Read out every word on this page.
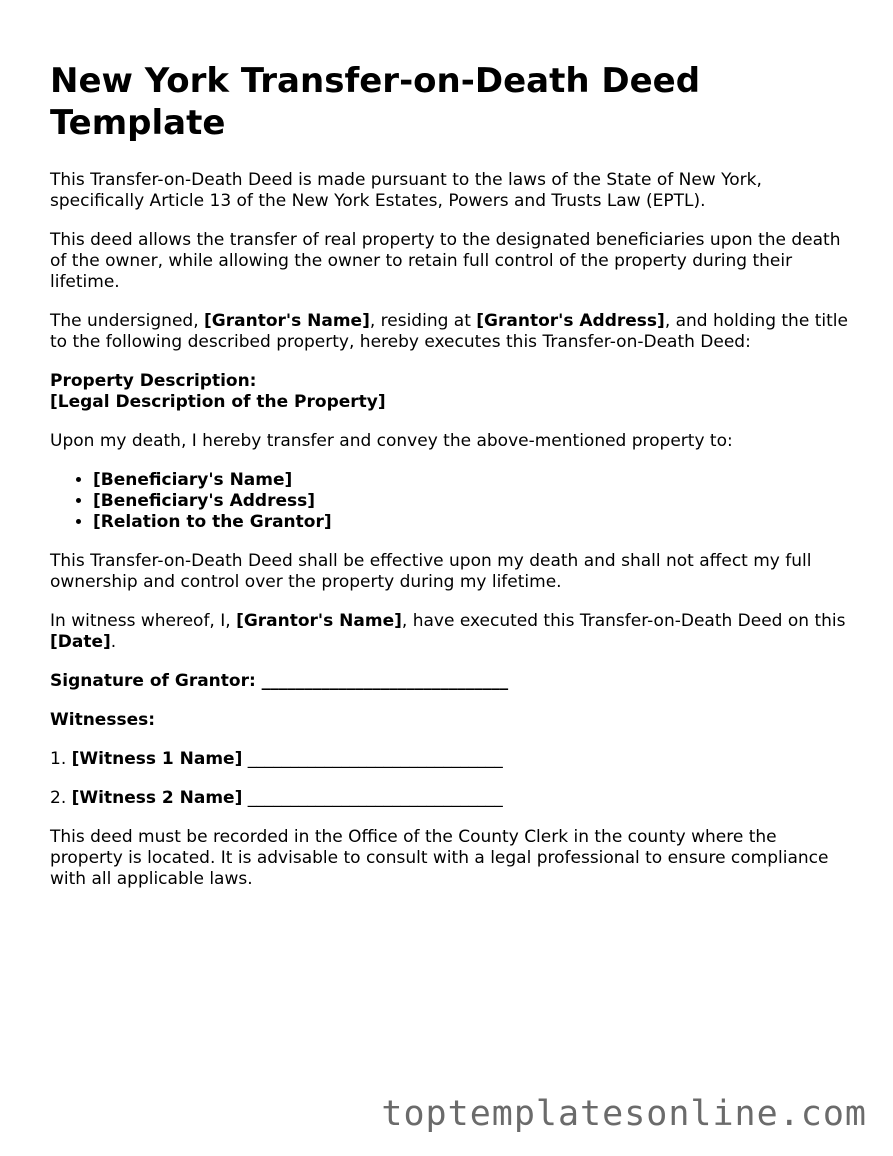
New York Transfer-on-Death Deed Template

This Transfer-on-Death Deed is made pursuant to the laws of the State of New York, specifically Article 13 of the New York Estates, Powers and Trusts Law (EPTL).

This deed allows the transfer of real property to the designated beneficiaries upon the death of the owner, while allowing the owner to retain full control of the property during their lifetime.

The undersigned, [Grantor's Name], residing at [Grantor's Address], and holding the title to the following described property, hereby executes this Transfer-on-Death Deed:

Property Description:
[Legal Description of the Property]

Upon my death, I hereby transfer and convey the above-mentioned property to:

• [Beneficiary's Name]
• [Beneficiary's Address]
• [Relation to the Grantor]

This Transfer-on-Death Deed shall be effective upon my death and shall not affect my full ownership and control over the property during my lifetime.

In witness whereof, I, [Grantor's Name], have executed this Transfer-on-Death Deed on this [Date].

Signature of Grantor: _____________________________

Witnesses:

1. [Witness 1 Name] ______________________________

2. [Witness 2 Name] ______________________________

This deed must be recorded in the Office of the County Clerk in the county where the property is located. It is advisable to consult with a legal professional to ensure compliance with all applicable laws.

toptemplatesonline.com
